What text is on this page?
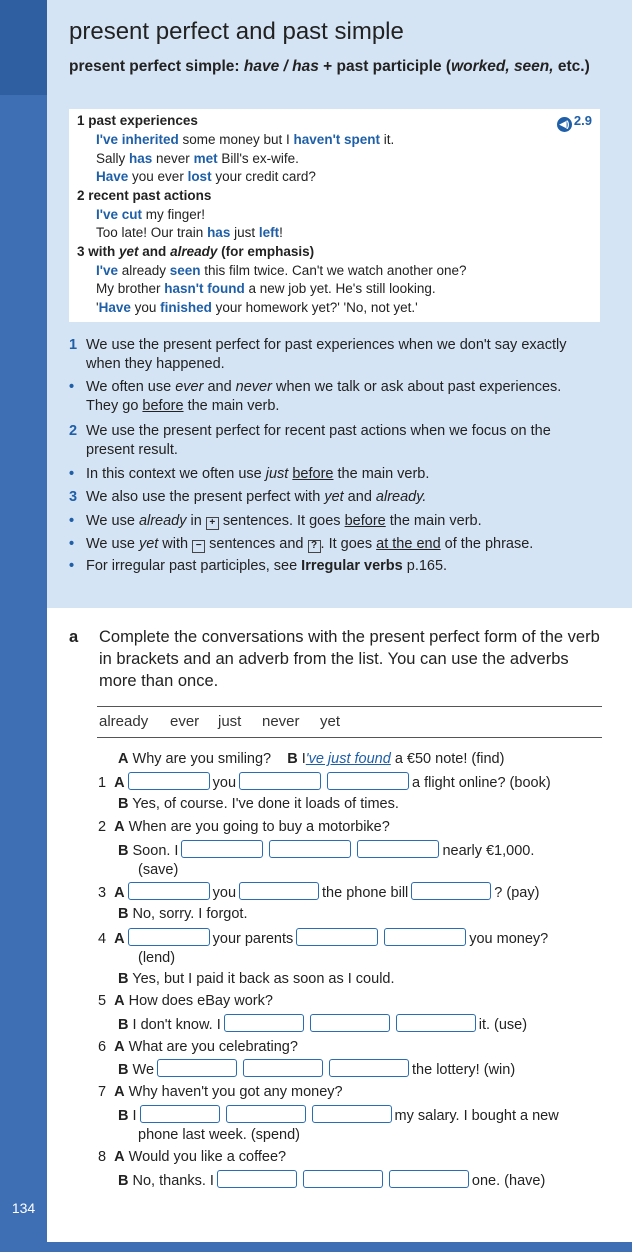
134
present perfect and past simple
present perfect simple: have / has + past participle (worked, seen, etc.)
◀) 2.9
1 past experiences
I've inherited some money but I haven't spent it.
Sally has never met Bill's ex-wife.
Have you ever lost your credit card?
2 recent past actions
I've cut my finger!
Too late! Our train has just left!
3 with yet and already (for emphasis)
I've already seen this film twice. Can't we watch another one?
My brother hasn't found a new job yet. He's still looking.
'Have you finished your homework yet?' 'No, not yet.'
1 We use the present perfect for past experiences when we don't say exactly when they happened.
• We often use ever and never when we talk or ask about past experiences. They go before the main verb.
2 We use the present perfect for recent past actions when we focus on the present result.
• In this context we often use just before the main verb.
3 We also use the present perfect with yet and already.
• We use already in + sentences. It goes before the main verb.
• We use yet with − sentences and ? . It goes at the end of the phrase.
• For irregular past participles, see Irregular verbs p.165.
a Complete the conversations with the present perfect form of the verb in brackets and an adverb from the list. You can use the adverbs more than once.
already ever just never yet
A Why are you smiling? B I've just found a €50 note! (find)
1 A	you	a flight online? (book)
B Yes, of course. I've done it loads of times.
2 A When are you going to buy a motorbike?
B Soon. I	nearly €1,000.
(save)
3 A	you	the phone bill	? (pay)
B No, sorry. I forgot.
4 A	your parents	you money?
(lend)
B Yes, but I paid it back as soon as I could.
5 A How does eBay work?
B I don't know. I	it. (use)
6 A What are you celebrating?
B We	the lottery! (win)
7 A Why haven't you got any money?
B I	my salary. I bought a new
phone last week. (spend)
8 A Would you like a coffee?
B No, thanks. I	one. (have)
